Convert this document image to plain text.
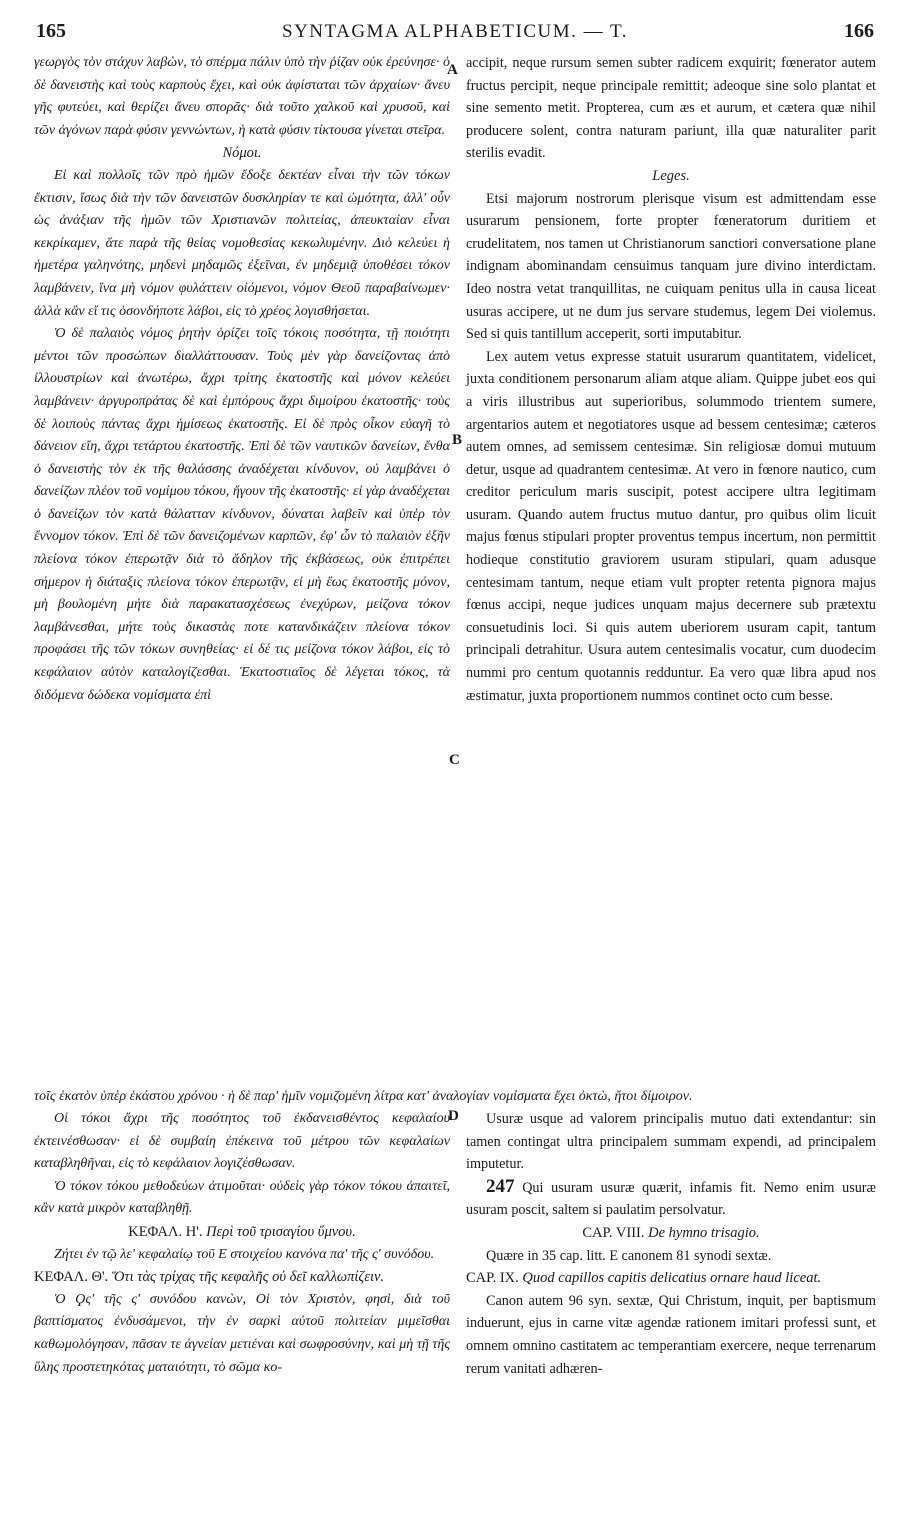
165	SYNTAGMA ALPHABETICUM. — T.	166

γεωργὸς τὸν στάχυν λαβὼν, τὸ σπέρμα πάλιν ὑπὸ τὴν ῥίζαν οὐκ ἐρεύνησε· ὁ δὲ δανειστὴς καὶ τοὺς καρποὺς ἔχει, καὶ οὐκ ἀφίσταται τῶν ἀρχαίων· ἄνευ γῆς φυτεύει, καὶ θερίζει ἄνευ σπορᾶς· διὰ τοῦτο χαλκοῦ καὶ χρυσοῦ, καὶ τῶν ἀγόνων παρὰ φύσιν γεννώντων, ἡ κατὰ φύσιν τίκτουσα γίνεται στεῖρα.

Νόμοι.

Εἰ καὶ πολλοῖς τῶν πρὸ ἡμῶν ἔδοξε δεκτέαν εἶναι τὴν τῶν τόκων ἔκτισιν, ἴσως διὰ τὴν τῶν δανειστῶν δυσκληρίαν τε καὶ ὠμότητα, ἀλλ' οὖν ὡς ἀνάξιαν τῆς ἡμῶν τῶν Χριστιανῶν πολιτείας, ἀπευκταίαν εἶναι κεκρίκαμεν, ἅτε παρὰ τῆς θείας νομοθεσίας κεκωλυμένην. Διὸ κελεύει ἡ ἡμετέρα γαληνότης, μηδενὶ μηδαμῶς ἐξεῖναι, ἐν μηδεμιᾷ ὑποθέσει τόκον λαμβάνειν, ἵνα μὴ νόμον φυλάττειν οἰόμενοι, νόμον Θεοῦ παραβαίνωμεν· ἀλλὰ κἂν εἴ τις ὁσονδήποτε λάβοι, εἰς τὸ χρέος λογισθήσεται.

Ὁ δὲ παλαιὸς νόμος ῥητὴν ὁρίζει τοῖς τόκοις ποσότητα, τῇ ποιότητι μέντοι τῶν προσώπων διαλλάττουσαν. Τοὺς μὲν γὰρ δανείζοντας ἀπὸ ἰλλουστρίων καὶ ἀνωτέρω, ἄχρι τρίτης ἑκατοστῆς καὶ μόνον κελεύει λαμβάνειν· ἀργυροπράτας δὲ καὶ ἐμπόρους ἄχρι διμοίρου ἑκατοστῆς· τοὺς δὲ λοιποὺς πάντας ἄχρι ἡμίσεως ἑκατοστῆς. Εἰ δὲ πρὸς οἶκον εὐαγῆ τὸ δάνειον εἴη, ἄχρι τετάρτου ἑκατοστῆς. Ἐπὶ δὲ τῶν ναυτικῶν δανείων, ἔνθα ὁ δανειστὴς τὸν ἐκ τῆς θαλάσσης ἀναδέχεται κίνδυνον, οὐ λαμβάνει ὁ δανείζων πλέον τοῦ νομίμου τόκου, ἤγουν τῆς ἑκατοστῆς· εἰ γὰρ ἀναδέχεται ὁ δανείζων τὸν κατὰ θάλατταν κίνδυνον, δύναται λαβεῖν καὶ ὑπὲρ τὸν ἔννομον τόκον. Ἐπὶ δὲ τῶν δανειζομένων καρπῶν, ἐφ' ὧν τὸ παλαιὸν ἐξῆν πλείονα τόκον ἐπερωτᾷν διὰ τὸ ἄδηλον τῆς ἐκβάσεως, οὐκ ἐπιτρέπει σήμερον ἡ διάταξις πλείονα τόκον ἐπερωτᾷν, εἰ μὴ ἕως ἑκατοστῆς μόνον, μὴ βουλομένη μήτε διὰ παρακατασχέσεως ἐνεχύρων, μείζονα τόκον λαμβάνεσθαι, μήτε τοὺς δικαστὰς ποτε κατανδικάζειν πλείονα τόκον προφάσει τῆς τῶν τόκων συνηθείας· εἰ δέ τις μείζονα τόκον λάβοι, εἰς τὸ κεφάλαιον αὐτὸν καταλογίζεσθαι. Ἑκατοστιαῖος δὲ λέγεται τόκος, τὰ διδόμενα δώδεκα νομίσματα ἐπὶ

Οἱ τόκοι ἄχρι τῆς ποσότητος τοῦ ἐκδανεισθέντος κεφαλαίου ἐκτεινέσθωσαν· εἰ δὲ συμβαίη ἐπέκεινα τοῦ μέτρου τῶν κεφαλαίων καταβληθῆναι, εἰς τὸ κεφάλαιον λογιζέσθωσαν.

Ὁ τόκον τόκου μεθοδεύων ἀτιμοῦται· οὐδεὶς γὰρ τόκον τόκου ἀπαιτεῖ, κἂν κατὰ μικρὸν καταβληθῇ.

ΚΕΦΑΛ. Η'. Περὶ τοῦ τρισαγίου ὕμνου.

Ζήτει ἐν τῷ λε' κεφαλαίῳ τοῦ Ε στοιχείου κανόνα πα' τῆς ς' συνόδου.

ΚΕΦΑΛ. Θ'. Ὅτι τὰς τρίχας τῆς κεφαλῆς οὐ δεῖ καλλωπίζειν.

Ὁ Ϙς' τῆς ς' συνόδου κανὼν, Οἱ τὸν Χριστὸν, φησὶ, διὰ τοῦ βαπτίσματος ἐνδυσάμενοι, τὴν ἐν σαρκὶ αὐτοῦ πολιτείαν μιμεῖσθαι καθωμολόγησαν, πᾶσαν τε ἁγνείαν μετιέναι καὶ σωφροσύνην, καὶ μὴ τῇ τῆς ὕλης προστετηκότας ματαιότητι, τὸ σῶμα κο-

accipit, neque rursum semen subter radicem exquirit; fœnerator autem fructus percipit, neque principale remittit; adeoque sine solo plantat et sine semento metit. Propterea, cum æs et aurum, et cætera quæ nihil producere solent, contra naturam pariunt, illa quæ naturaliter parit sterilis evadit.

Leges.

Etsi majorum nostrorum plerisque visum est admittendam esse usurarum pensionem, forte propter fœneratorum duritiem et crudelitatem, nos tamen ut Christianorum sanctiori conversatione plane indignam abominandam censuimus tanquam jure divino interdictam. Ideo nostra vetat tranquillitas, ne cuiquam penitus ulla in causa liceat usuras accipere, ut ne dum jus servare studemus, legem Dei violemus. Sed si quis tantillum acceperit, sorti imputabitur.

Lex autem vetus expresse statuit usurarum quantitatem, videlicet, juxta conditionem personarum aliam atque aliam. Quippe jubet eos qui a viris illustribus aut superioribus, solummodo trientem sumere, argentarios autem et negotiatores usque ad bessem centesimæ; cæteros autem omnes, ad semissem centesimæ. Sin religiosæ domui mutuum detur, usque ad quadrantem centesimæ. At vero in fœnore nautico, cum creditor periculum maris suscipit, potest accipere ultra legitimam usuram. Quando autem fructus mutuo dantur, pro quibus olim licuit majus fœnus stipulari propter proventus tempus incertum, non permittit hodieque constitutio graviorem usuram stipulari, quam adusque centesimam tantum, neque etiam vult propter retenta pignora majus fœnus accipi, neque judices unquam majus decernere sub prætextu consuetudinis loci. Si quis autem uberiorem usuram capit, tantum principali detrahitur. Usura autem centesimalis vocatur, cum duodecim nummi pro centum quotannis redduntur. Ea vero quæ libra apud nos æstimatur, juxta proportionem nummos continet octo cum besse.

Usuræ usque ad valorem principalis mutuo dati extendantur: sin tamen contingat ultra principalem summam expendi, ad principalem imputetur.

247 Qui usuram usuræ quærit, infamis fit. Nemo enim usuræ usuram poscit, saltem si paulatim persolvatur.

CAP. VIII. De hymno trisagio.

Quære in 35 cap. litt. E canonem 81 synodi sextæ.

CAP. IX. Quod capillos capitis delicatius ornare haud liceat.

Canon autem 96 syn. sextæ, Qui Christum, inquit, per baptismum induerunt, ejus in carne vitæ agendæ rationem imitari professi sunt, et omnem omnino castitatem ac temperantiam exercere, neque terrenarum rerum vanitati adhæren-

τοῖς ἑκατὸν ὑπὲρ ἑκάστου χρόνου · ἡ δὲ παρ' ἡμῖν νομιζομένη λίτρα κατ' ἀναλογίαν νομίσματα ἔχει ὀκτὼ, ἤτοι δίμοιρον.

A
B
C
D
